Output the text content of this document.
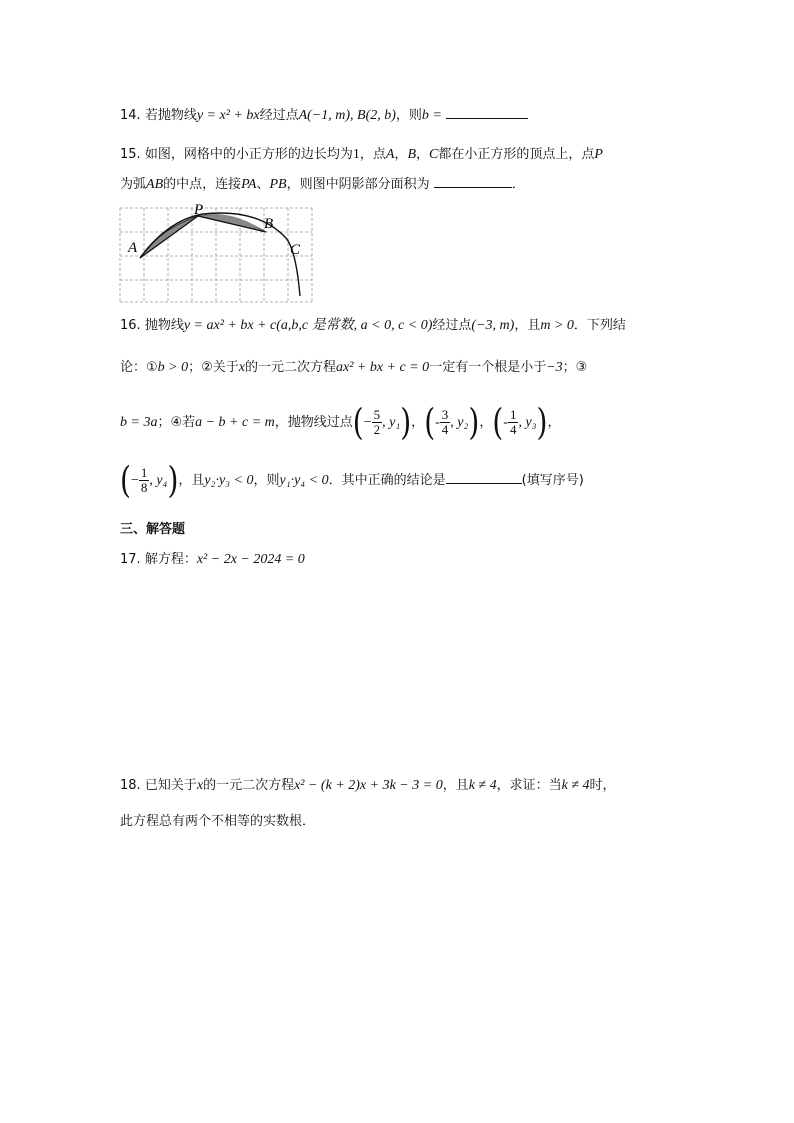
14. 若抛物线y = x² + bx经过点A(−1, m), B(2, b)，则b =
15. 如图，网格中的小正方形的边长均为1，点A，B，C都在小正方形的顶点上，点P
为弧AB的中点，连接PA、PB，则图中阴影部分面积为	．
A
P
B
C
16. 抛物线y = ax² + bx + c(a,b,c 是常数, a < 0, c < 0)经过点(−3, m)，且m > 0．下列结
论：①b > 0；②关于x的一元二次方程ax² + bx + c = 0一定有一个根是小于−3；③
b = 3a；④若a − b + c = m，抛物线过点(− $\frac{5}{2}$ , y₁)，(- $\frac{3}{4}$ , y₂)，(- $\frac{1}{4}$ , y₃)，
(− $\frac{1}{8}$ , y₄)，且y₂·y₃ < 0，则y₁·y₄ < 0．其中正确的结论是	(填写序号)
三、解答题
17. 解方程：x² − 2x − 2024 = 0
18. 已知关于x的一元二次方程x² − (k + 2)x + 3k − 3 = 0，且k ≠ 4，求证：当k ≠ 4时，
此方程总有两个不相等的实数根．
